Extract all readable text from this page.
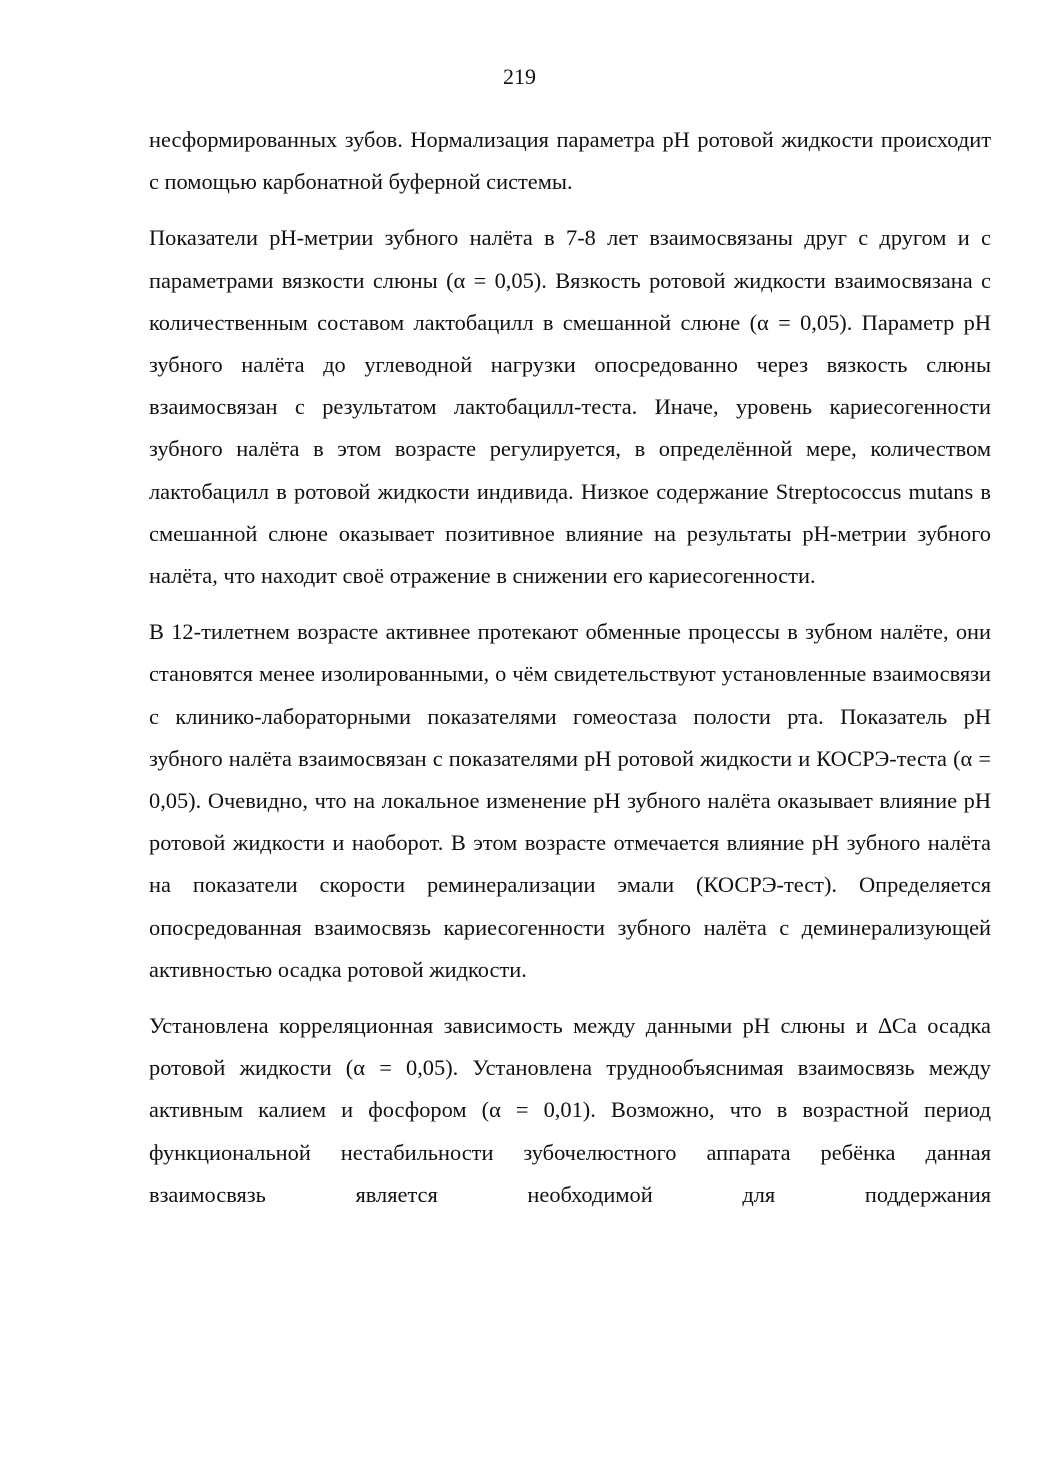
219

несформированных зубов. Нормализация параметра рН ротовой жидкости происходит с помощью карбонатной буферной системы.

Показатели рН-метрии зубного налёта в 7-8 лет взаимосвязаны друг с другом и с параметрами вязкости слюны (α = 0,05). Вязкость ротовой жидкости взаимосвязана с количественным составом лактобацилл в смешанной слюне (α = 0,05). Параметр рН зубного налёта до углеводной нагрузки опосредованно через вязкость слюны взаимосвязан с результатом лактобацилл-теста. Иначе, уровень кариесогенности зубного налёта в этом возрасте регулируется, в определённой мере, количеством лактобацилл в ротовой жидкости индивида. Низкое содержание Streptococcus mutans в смешанной слюне оказывает позитивное влияние на результаты рН-метрии зубного налёта, что находит своё отражение в снижении его кариесогенности.

В 12-тилетнем возрасте активнее протекают обменные процессы в зубном налёте, они становятся менее изолированными, о чём свидетельствуют установленные взаимосвязи с клинико-лабораторными показателями гомеостаза полости рта. Показатель рН зубного налёта взаимосвязан с показателями рН ротовой жидкости и КОСРЭ-теста (α = 0,05). Очевидно, что на локальное изменение рН зубного налёта оказывает влияние рН ротовой жидкости и наоборот. В этом возрасте отмечается влияние рН зубного налёта на показатели скорости реминерализации эмали (КОСРЭ-тест). Определяется опосредованная взаимосвязь кариесогенности зубного налёта с деминерализующей активностью осадка ротовой жидкости.

Установлена корреляционная зависимость между данными рН слюны и ∆Ca осадка ротовой жидкости (α = 0,05). Установлена труднообъяснимая взаимосвязь между активным калием и фосфором (α = 0,01). Возможно, что в возрастной период функциональной нестабильности зубочелюстного аппарата ребёнка данная взаимосвязь является необходимой для поддержания
